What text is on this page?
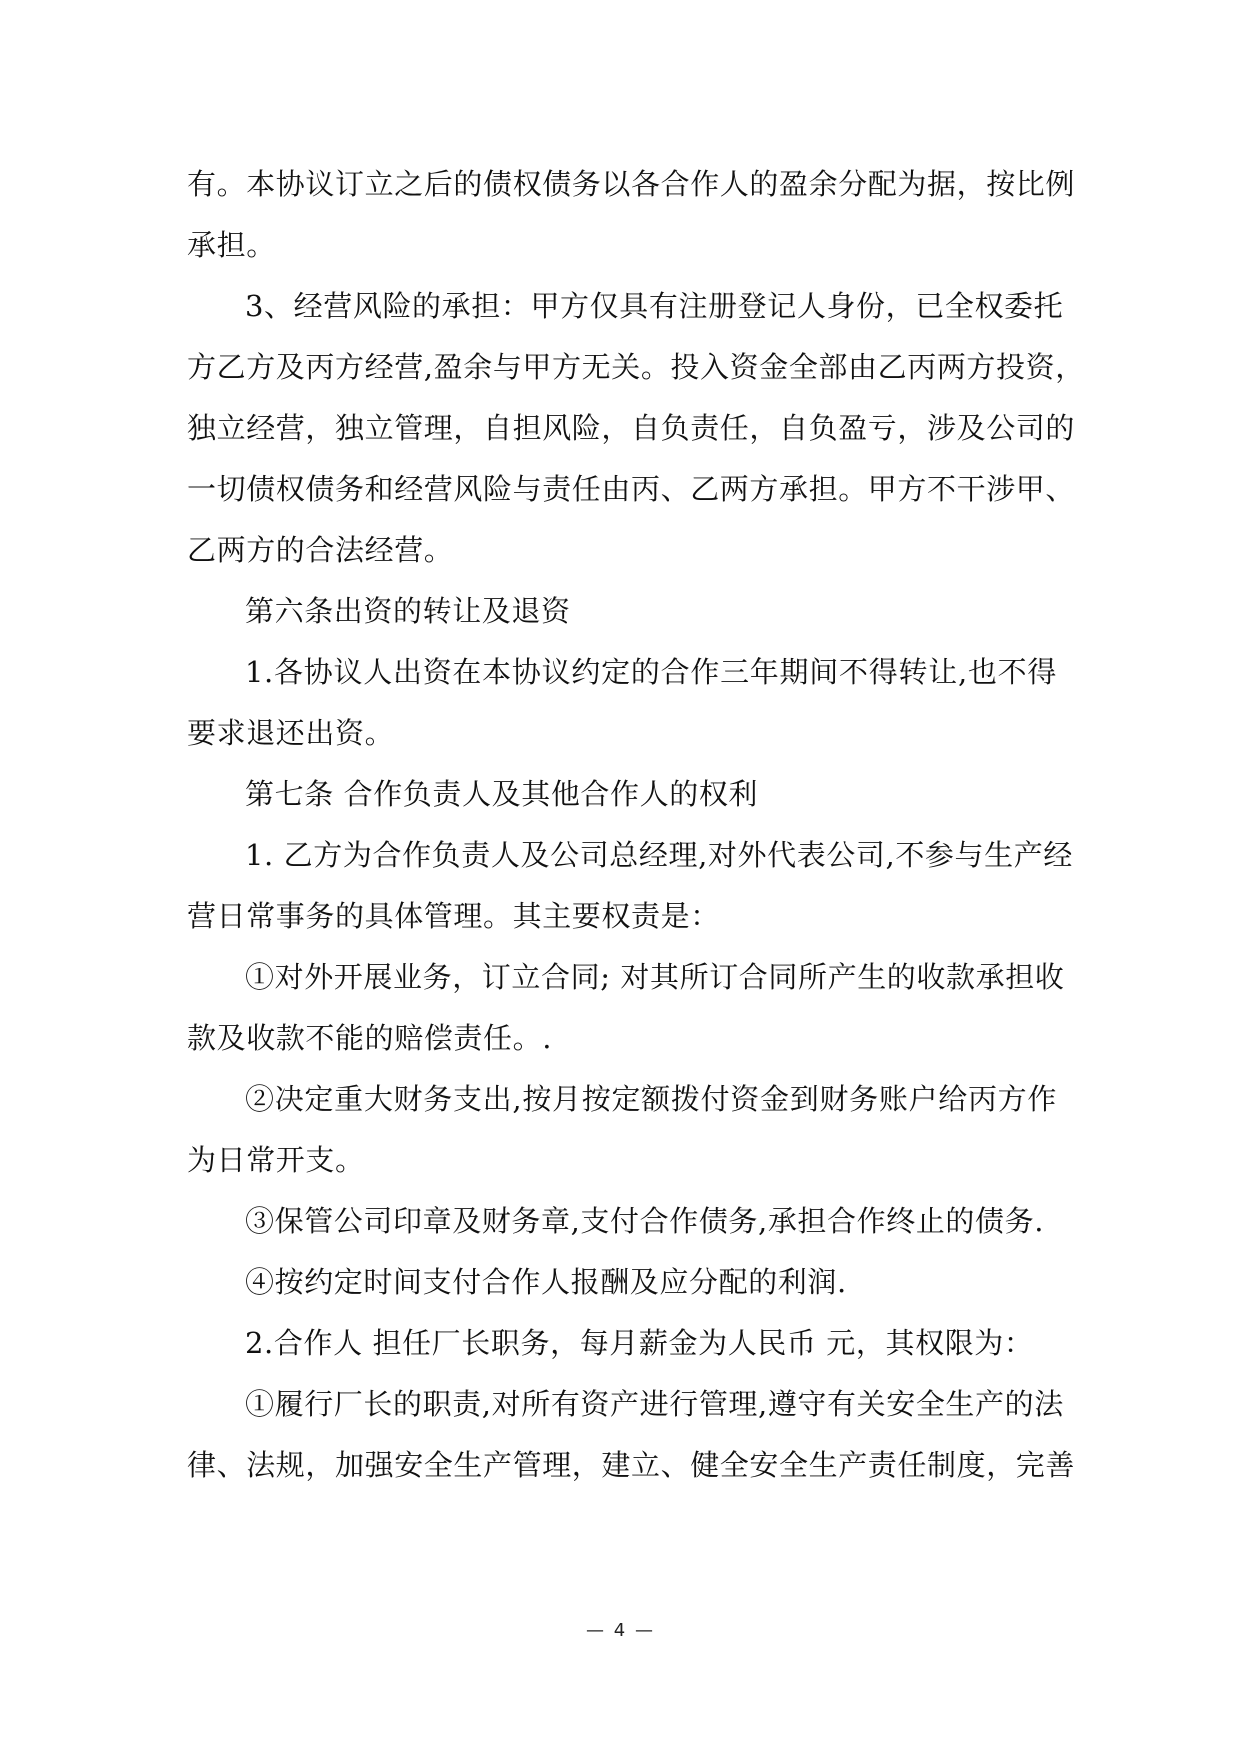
有。本协议订立之后的债权债务以各合作人的盈余分配为据，按比例
承担。
3、经营风险的承担：甲方仅具有注册登记人身份，已全权委托
方乙方及丙方经营,盈余与甲方无关。投入资金全部由乙丙两方投资，
独立经营，独立管理，自担风险，自负责任，自负盈亏，涉及公司的
一切债权债务和经营风险与责任由丙、乙两方承担。甲方不干涉甲、
乙两方的合法经营。
第六条出资的转让及退资
1.各协议人出资在本协议约定的合作三年期间不得转让,也不得
要求退还出资。
第七条 合作负责人及其他合作人的权利
1. 乙方为合作负责人及公司总经理,对外代表公司,不参与生产经
营日常事务的具体管理。其主要权责是：
①对外开展业务，订立合同; 对其所订合同所产生的收款承担收
款及收款不能的赔偿责任。.
②决定重大财务支出,按月按定额拨付资金到财务账户给丙方作
为日常开支。
③保管公司印章及财务章,支付合作债务,承担合作终止的债务.
④按约定时间支付合作人报酬及应分配的利润.
2.合作人 担任厂长职务，每月薪金为人民币 元，其权限为：
①履行厂长的职责,对所有资产进行管理,遵守有关安全生产的法
律、法规，加强安全生产管理，建立、健全安全生产责任制度，完善
— 4 —
